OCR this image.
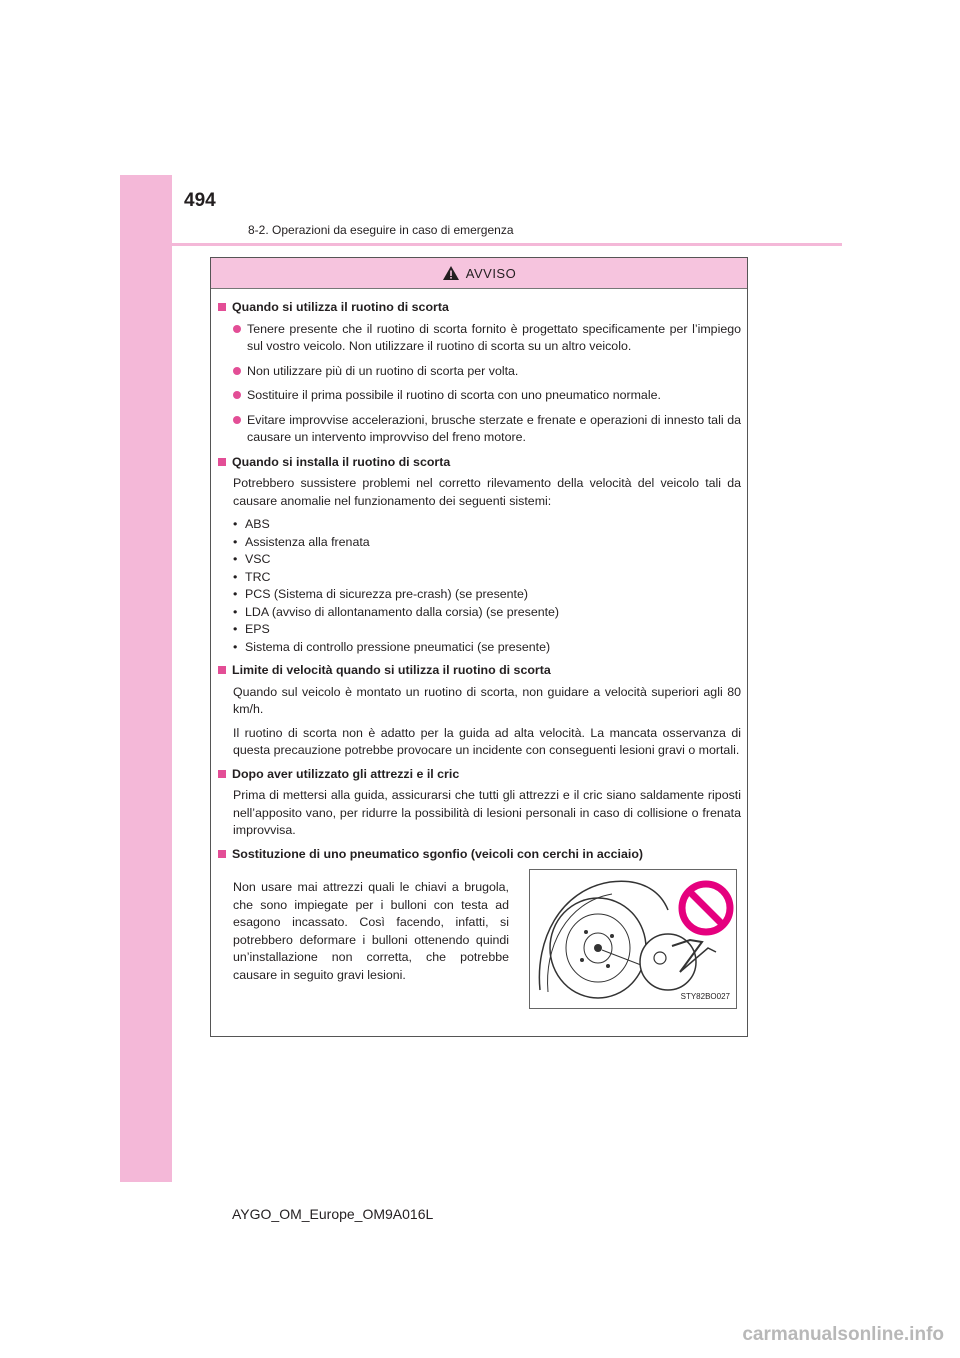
494
8-2. Operazioni da eseguire in caso di emergenza
AVVISO
Quando si utilizza il ruotino di scorta
Tenere presente che il ruotino di scorta fornito è progettato specificamente per l’impiego sul vostro veicolo. Non utilizzare il ruotino di scorta su un altro veicolo.
Non utilizzare più di un ruotino di scorta per volta.
Sostituire il prima possibile il ruotino di scorta con uno pneumatico normale.
Evitare improvvise accelerazioni, brusche sterzate e frenate e operazioni di innesto tali da causare un intervento improvviso del freno motore.
Quando si installa il ruotino di scorta
Potrebbero sussistere problemi nel corretto rilevamento della velocità del veicolo tali da causare anomalie nel funzionamento dei seguenti sistemi:
• ABS
• Assistenza alla frenata
• VSC
• TRC
• PCS (Sistema di sicurezza pre-crash) (se presente)
• LDA (avviso di allontanamento dalla corsia) (se presente)
• EPS
• Sistema di controllo pressione pneumatici (se presente)
Limite di velocità quando si utilizza il ruotino di scorta
Quando sul veicolo è montato un ruotino di scorta, non guidare a velocità superiori agli 80 km/h.
Il ruotino di scorta non è adatto per la guida ad alta velocità. La mancata osservanza di questa precauzione potrebbe provocare un incidente con conseguenti lesioni gravi o mortali.
Dopo aver utilizzato gli attrezzi e il cric
Prima di mettersi alla guida, assicurarsi che tutti gli attrezzi e il cric siano saldamente riposti nell’apposito vano, per ridurre la possibilità di lesioni personali in caso di collisione o frenata improvvisa.
Sostituzione di uno pneumatico sgonfio (veicoli con cerchi in acciaio)
Non usare mai attrezzi quali le chiavi a brugola, che sono impiegate per i bulloni con testa ad esagono incassato. Così facendo, infatti, si potrebbero deformare i bulloni ottenendo quindi un’installazione non corretta, che potrebbe causare in seguito gravi lesioni.
STY82BO027
AYGO_OM_Europe_OM9A016L
carmanualsonline.info
